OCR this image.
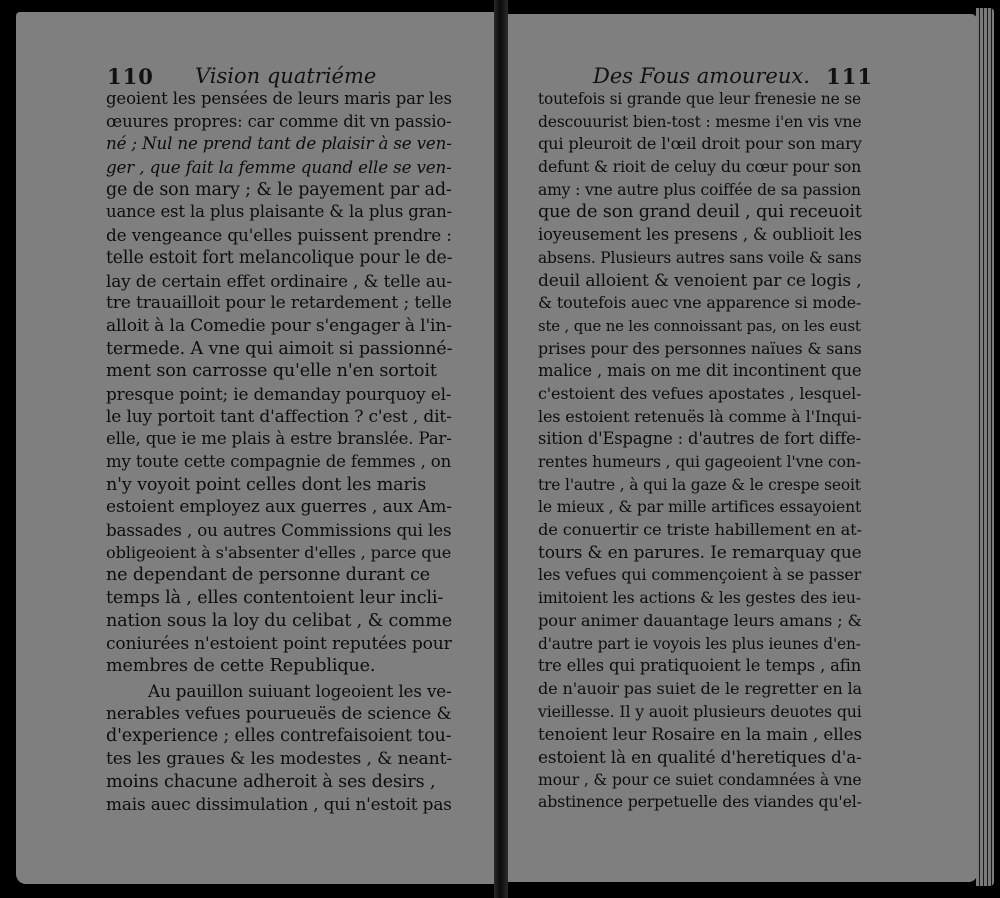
110 Vision quatriéme	Des Fous amoureux. 111
geoient les pensées de leurs maris par les
œuures propres: car comme dit vn passio-
né ; Nul ne prend tant de plaisir à se ven-
ger , que fait la femme quand elle se ven-
ge de son mary ; & le payement par ad-
uance est la plus plaisante & la plus gran-
de vengeance qu'elles puissent prendre :
telle estoit fort melancolique pour le de-
lay de certain effet ordinaire , & telle au-
tre trauailloit pour le retardement ; telle
alloit à la Comedie pour s'engager à l'in-
termede. A vne qui aimoit si passionné-
ment son carrosse qu'elle n'en sortoit
presque point; ie demanday pourquoy el-
le luy portoit tant d'affection ? c'est , dit-
elle, que ie me plais à estre branslée. Par-
my toute cette compagnie de femmes , on
n'y voyoit point celles dont les maris
estoient employez aux guerres , aux Am-
bassades , ou autres Commissions qui les
obligeoient à s'absenter d'elles , parce que
ne dependant de personne durant ce
temps là , elles contentoient leur incli-
nation sous la loy du celibat , & comme
coniurées n'estoient point reputées pour
membres de cette Republique.
Au pauillon suiuant logeoient les ve-
nerables vefues pourueuës de science &
d'experience ; elles contrefaisoient tou-
tes les graues & les modestes , & neant-
moins chacune adheroit à ses desirs ,
mais auec dissimulation , qui n'estoit pas
toutefois si grande que leur frenesie ne se
descouurist bien-tost : mesme i'en vis vne
qui pleuroit de l'œil droit pour son mary
defunt & rioit de celuy du cœur pour son
amy : vne autre plus coiffée de sa passion
que de son grand deuil , qui receuoit
ioyeusement les presens , & oublioit les
absens. Plusieurs autres sans voile & sans
deuil alloient & venoient par ce logis ,
& toutefois auec vne apparence si mode-
ste , que ne les connoissant pas, on les eust
prises pour des personnes naïues & sans
malice , mais on me dit incontinent que
c'estoient des vefues apostates , lesquel-
les estoient retenuës là comme à l'Inqui-
sition d'Espagne : d'autres de fort diffe-
rentes humeurs , qui gageoient l'vne con-
tre l'autre , à qui la gaze & le crespe seoit
le mieux , & par mille artifices essayoient
de conuertir ce triste habillement en at-
tours & en parures. Ie remarquay que
les vefues qui commençoient à se passer
imitoient les actions & les gestes des ieu-
pour animer dauantage leurs amans ; &
d'autre part ie voyois les plus ieunes d'en-
tre elles qui pratiquoient le temps , afin
de n'auoir pas suiet de le regretter en la
vieillesse. Il y auoit plusieurs deuotes qui
tenoient leur Rosaire en la main , elles
estoient là en qualité d'heretiques d'a-
mour , & pour ce suiet condamnées à vne
abstinence perpetuelle des viandes qu'el-
